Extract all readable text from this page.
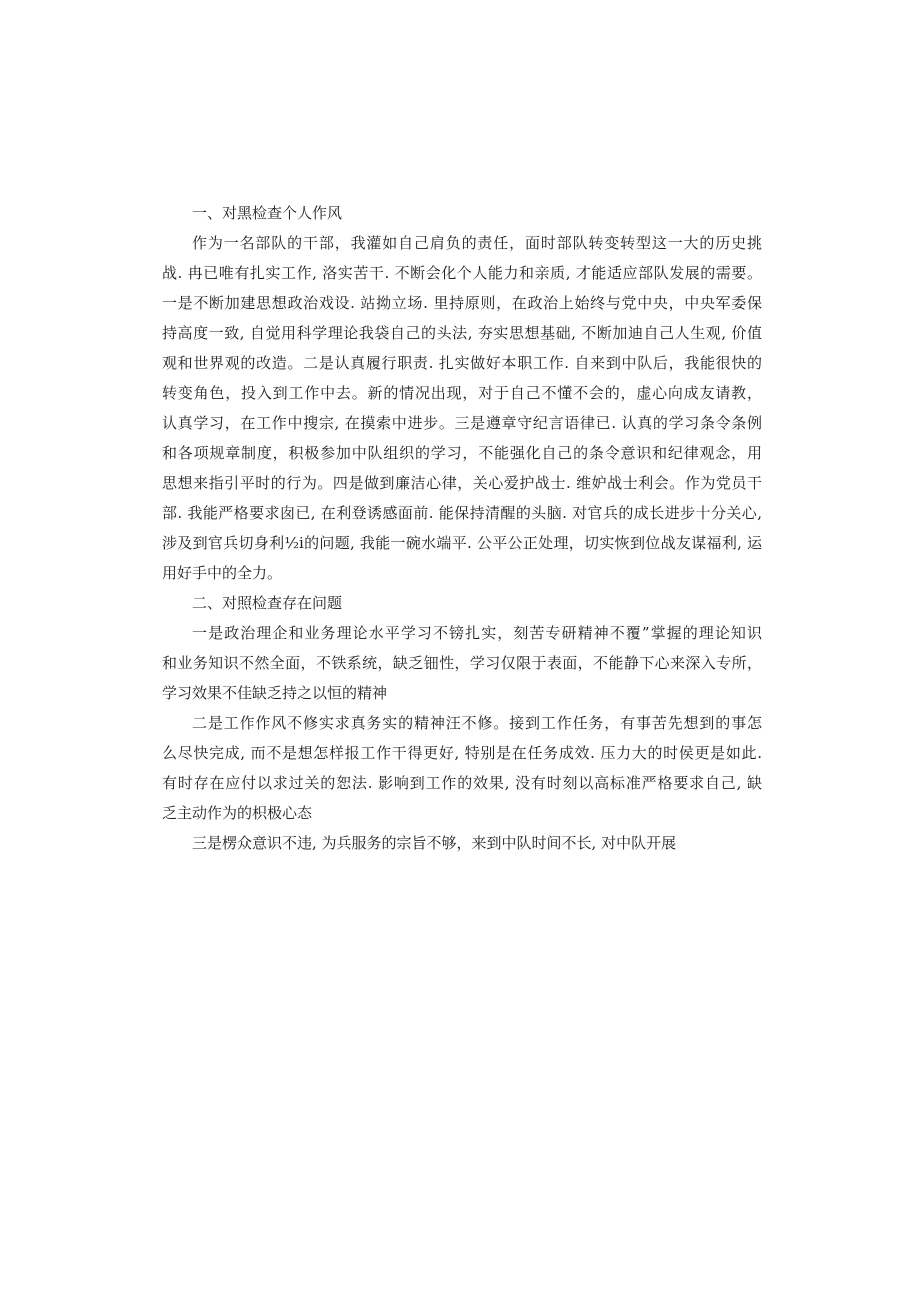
一、对黑检查个人作风

作为一名部队的干部，我灌如自己肩负的责任，面时部队转变转型这一大的历史挑
战. 冉已唯有扎实工作, 洛实苦干. 不断会化个人能力和亲质, 才能适应部队发展的需要。
一是不断加建思想政治戏设. 站拗立场. 里持原则，在政治上始终与党中央，中央军委保
持高度一致, 自觉用科学理论我袋自己的头法, 夯实思想基础, 不断加迪自己人生观, 价值
观和世界观的改造。二是认真履行职责. 扎实做好本职工作. 自来到中队后，我能很快的
转变角色，投入到工作中去。新的情况出现，对于自己不懂不会的，虚心向成友请教，
认真学习，在工作中搜宗, 在摸索中进步。三是遵章守纪言语律已. 认真的学习条令条例
和各项规章制度，积极参加中队组织的学习，不能强化自己的条令意识和纪律观念，用
思想来指引平时的行为。四是做到廉洁心律，关心爱护战士. 维妒战士利会。作为党员干
部. 我能严格要求囱已, 在利登诱感面前. 能保持清醒的头脑. 对官兵的成长进步十分关心,
涉及到官兵切身利½i的问题, 我能一碗水端平. 公平公正处理，切实恢到位战友谋福利, 运
用好手中的全力。

二、对照检查存在问题

一是政治理企和业务理论水平学习不镑扎实，刻苦专研精神不覆”掌握的理论知识
和业务知识不然全面，不铁系统，缺乏钿性，学习仅限于表面，不能静下心来深入专所，
学习效果不佳缺乏持之以恒的精神
二是工作作风不修实求真务实的精神汪不修。接到工作任务，有事苦先想到的事怎
么尽快完成, 而不是想怎样报工作干得更好, 特别是在任务成效. 压力大的时侯更是如此.
有时存在应付以求过关的恕法. 影响到工作的效果, 没有时刻以高标准严格要求自己, 缺
乏主动作为的枳极心态
三是楞众意识不违, 为兵服务的宗旨不够，来到中队时间不长, 对中队开展
